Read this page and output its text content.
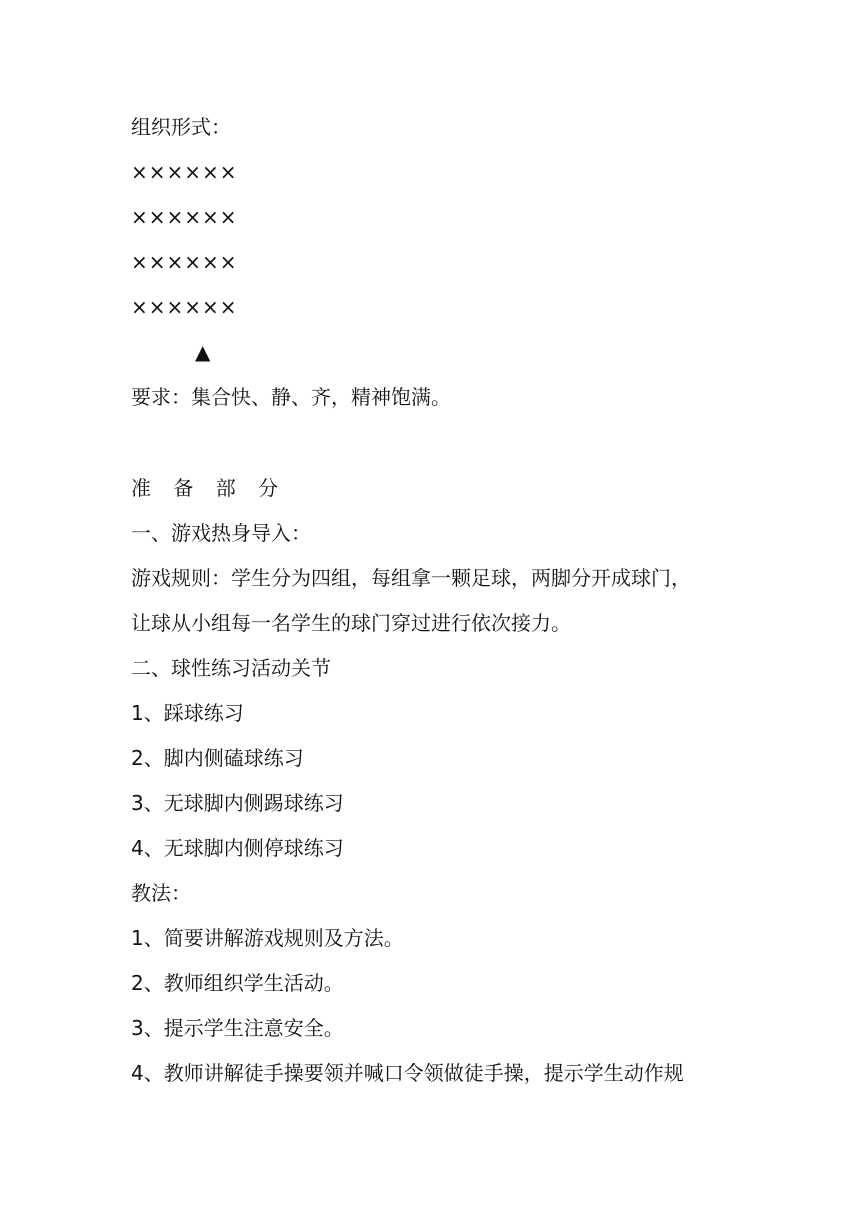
组织形式：
××××××
××××××
××××××
××××××
▲
要求：集合快、静、齐，精神饱满。
准 备 部 分
一、游戏热身导入：
游戏规则：学生分为四组，每组拿一颗足球，两脚分开成球门，
让球从小组每一名学生的球门穿过进行依次接力。
二、球性练习活动关节
1、踩球练习
2、脚内侧磕球练习
3、无球脚内侧踢球练习
4、无球脚内侧停球练习
教法：
1、简要讲解游戏规则及方法。
2、教师组织学生活动。
3、提示学生注意安全。
4、教师讲解徒手操要领并喊口令领做徒手操，提示学生动作规
